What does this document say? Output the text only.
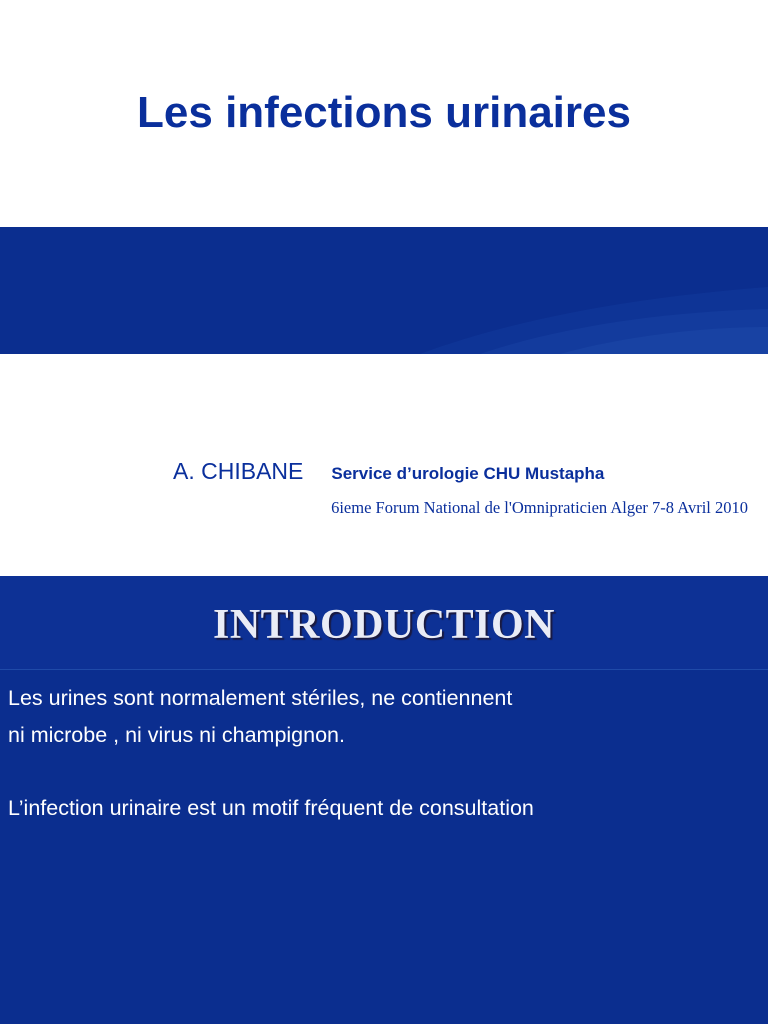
Les infections urinaires
A. CHIBANE Service d’urologie CHU Mustapha
6ieme Forum National de l'Omnipraticien Alger 7-8 Avril 2010
INTRODUCTION
Les urines sont normalement stériles, ne contiennent
ni microbe , ni virus ni champignon.
L’infection urinaire est un motif fréquent de consultation
